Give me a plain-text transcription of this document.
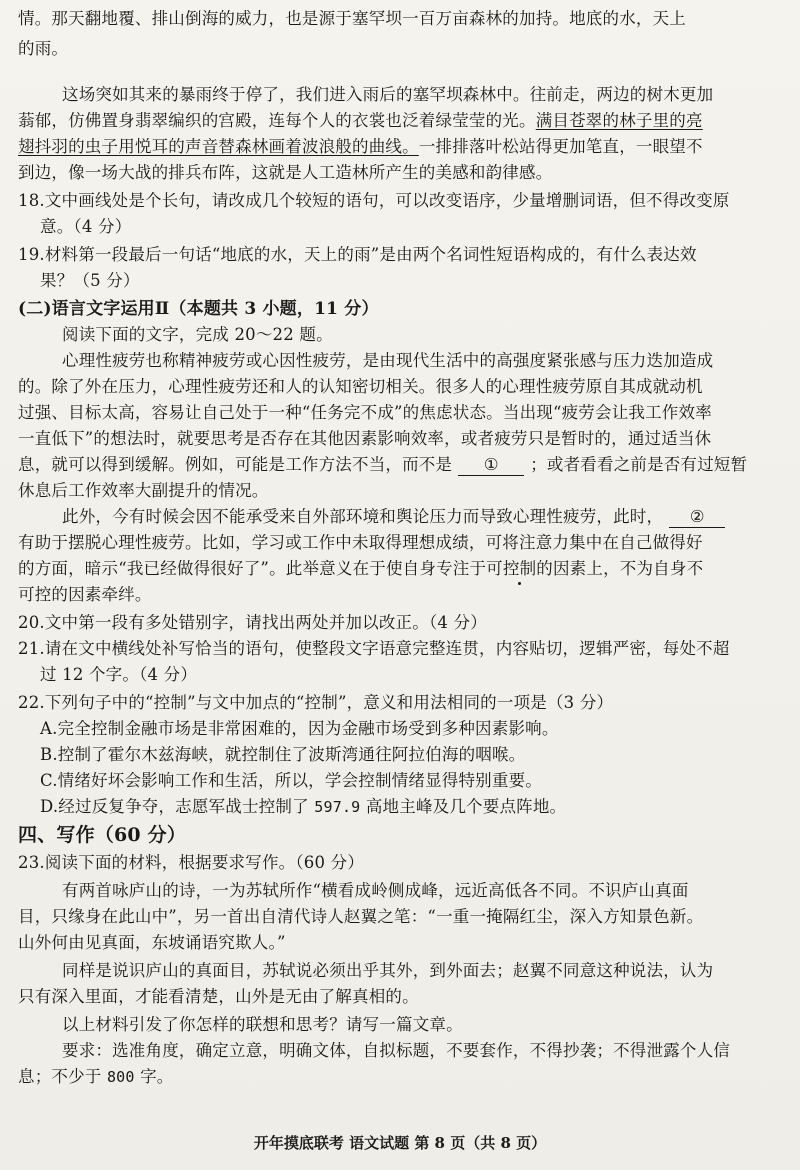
情。那天翻地覆、排山倒海的威力，也是源于塞罕坝一百万亩森林的加持。地底的水，天上
的雨。
这场突如其来的暴雨终于停了，我们进入雨后的塞罕坝森林中。往前走，两边的树木更加
蓊郁，仿佛置身翡翠编织的宫殿，连每个人的衣裳也泛着绿莹莹的光。满目苍翠的林子里的亮
翅抖羽的虫子用悦耳的声音替森林画着波浪般的曲线。一排排落叶松站得更加笔直，一眼望不
到边，像一场大战的排兵布阵，这就是人工造林所产生的美感和韵律感。
18.文中画线处是个长句，请改成几个较短的语句，可以改变语序，少量增删词语，但不得改变原
意。（4 分）
19.材料第一段最后一句话“地底的水，天上的雨”是由两个名词性短语构成的，有什么表达效
果？（5 分）
(二)语言文字运用Ⅱ（本题共 3 小题，11 分）
阅读下面的文字，完成 20～22 题。
心理性疲劳也称精神疲劳或心因性疲劳，是由现代生活中的高强度紧张感与压力迭加造成
的。除了外在压力，心理性疲劳还和人的认知密切相关。很多人的心理性疲劳原自其成就动机
过强、目标太高，容易让自己处于一种“任务完不成”的焦虑状态。当出现“疲劳会让我工作效率
一直低下”的想法时，就要思考是否存在其他因素影响效率，或者疲劳只是暂时的，通过适当休
息，就可以得到缓解。例如，可能是工作方法不当，而不是 ① ；或者看看之前是否有过短暂
休息后工作效率大副提升的情况。
此外，今有时候会因不能承受来自外部环境和舆论压力而导致心理性疲劳，此时， ②
有助于摆脱心理性疲劳。比如，学习或工作中未取得理想成绩，可将注意力集中在自己做得好
的方面，暗示“我已经做得很好了”。此举意义在于使自身专注于可控制的因素上，不为自身不
可控的因素牵绊。
20.文中第一段有多处错别字，请找出两处并加以改正。（4 分）
21.请在文中横线处补写恰当的语句，使整段文字语意完整连贯，内容贴切，逻辑严密，每处不超
过 12 个字。（4 分）
22.下列句子中的“控制”与文中加点的“控制”，意义和用法相同的一项是（3 分）
A.完全控制金融市场是非常困难的，因为金融市场受到多种因素影响。
B.控制了霍尔木兹海峡，就控制住了波斯湾通往阿拉伯海的咽喉。
C.情绪好坏会影响工作和生活，所以，学会控制情绪显得特别重要。
D.经过反复争夺，志愿军战士控制了 597.9 高地主峰及几个要点阵地。
四、写作（60 分）
23.阅读下面的材料，根据要求写作。（60 分）
有两首咏庐山的诗，一为苏轼所作“横看成岭侧成峰，远近高低各不同。不识庐山真面
目，只缘身在此山中”，另一首出自清代诗人赵翼之笔：“一重一掩隔红尘，深入方知景色新。
山外何由见真面，东坡诵语究欺人。”
同样是说识庐山的真面目，苏轼说必须出乎其外，到外面去；赵翼不同意这种说法，认为
只有深入里面，才能看清楚，山外是无由了解真相的。
以上材料引发了你怎样的联想和思考？请写一篇文章。
要求：选准角度，确定立意，明确文体，自拟标题，不要套作，不得抄袭；不得泄露个人信
息；不少于 800 字。
开年摸底联考 语文试题 第 8 页（共 8 页）
